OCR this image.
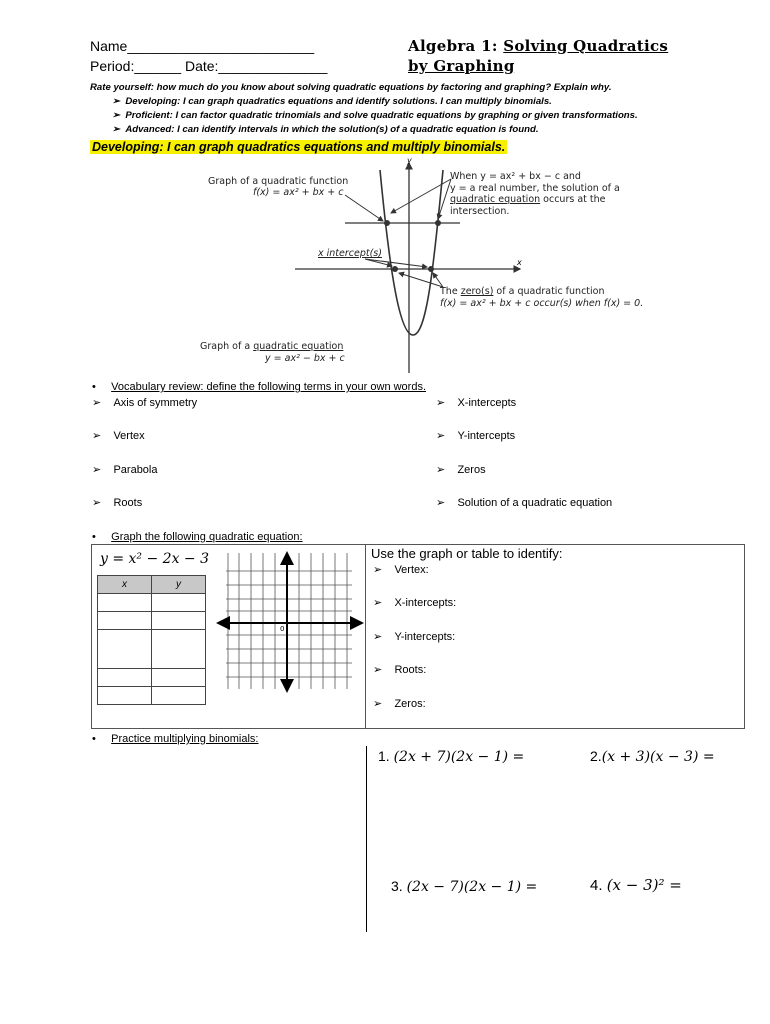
Name________________________
Period:______ Date:______________
Algebra 1: Solving Quadratics
by Graphing
Rate yourself: how much do you know about solving quadratic equations by factoring and graphing? Explain why.
➢  Developing: I can graph quadratics equations and identify solutions. I can multiply binomials.
➢  Proficient: I can factor quadratic trinomials and solve quadratic equations by graphing or given transformations.
➢  Advanced: I can identify intervals in which the solution(s) of a quadratic equation is found.
Developing: I can graph quadratics equations and multiply binomials.
y
x
Graph of a quadratic function
f(x) = ax² + bx + c
When y = ax² + bx − c and
y = a real number, the solution of a
quadratic equation occurs at the
intersection.
x intercept(s)
The zero(s) of a quadratic function
f(x) = ax² + bx + c occur(s) when f(x) = 0.
Graph of a quadratic equation
y = ax² − bx + c
•      Vocabulary review: define the following terms in your own words.
➢ Axis of symmetry
➢ Vertex
➢ Parabola
➢ Roots
➢ X-intercepts
➢ Y-intercepts
➢ Zeros
➢ Solution of a quadratic equation
•      Graph the following quadratic equation:
y = x² − 2x − 3
x	y

0
Use the graph or table to identify:
➢ Vertex:
➢ X-intercepts:
➢ Y-intercepts:
➢ Roots:
➢ Zeros:
•      Practice multiplying binomials:
1. (2x + 7)(2x − 1) =	2.(x + 3)(x − 3) =
3. (2x − 7)(2x − 1) =	4. (x − 3)² =
